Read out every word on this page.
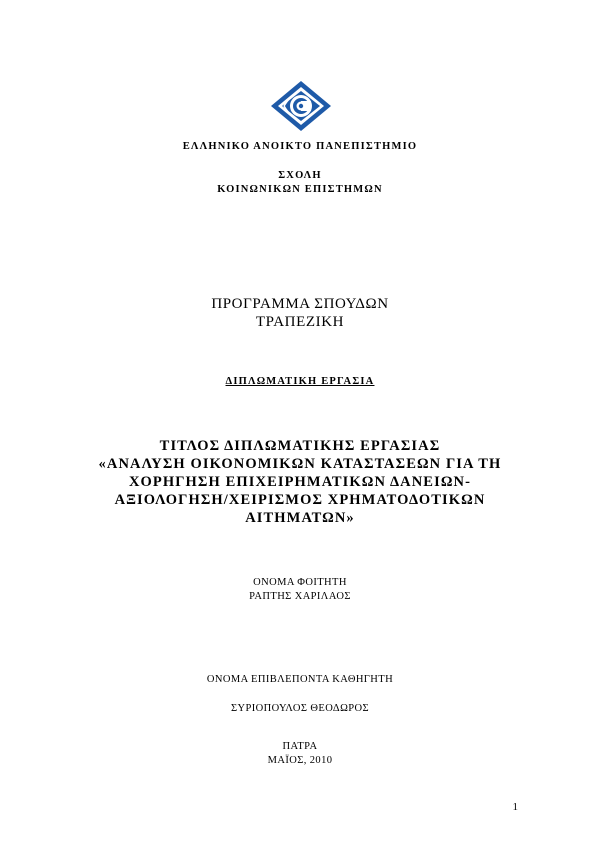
ΕΛΛΗΝΙΚΟ ΑΝΟΙΚΤΟ ΠΑΝΕΠΙΣΤΗΜΙΟ
ΣΧΟΛΗ
ΚΟΙΝΩΝΙΚΩΝ ΕΠΙΣΤΗΜΩΝ
ΠΡΟΓΡΑΜΜΑ ΣΠΟΥΔΩΝ
ΤΡΑΠΕΖΙΚΗ
ΔΙΠΛΩΜΑΤΙΚΗ ΕΡΓΑΣΙΑ
ΤΙΤΛΟΣ ΔΙΠΛΩΜΑΤΙΚΗΣ ΕΡΓΑΣΙΑΣ
«ΑΝΑΛΥΣΗ ΟΙΚΟΝΟΜΙΚΩΝ ΚΑΤΑΣΤΑΣΕΩΝ ΓΙΑ ΤΗ
ΧΟΡΗΓΗΣΗ ΕΠΙΧΕΙΡΗΜΑΤΙΚΩΝ ΔΑΝΕΙΩΝ-
ΑΞΙΟΛΟΓΗΣΗ/ΧΕΙΡΙΣΜΟΣ ΧΡΗΜΑΤΟΔΟΤΙΚΩΝ
ΑΙΤΗΜΑΤΩΝ»
ΟΝΟΜΑ ΦΟΙΤΗΤΗ
ΡΑΠΤΗΣ ΧΑΡΙΛΑΟΣ
ΟΝΟΜΑ ΕΠΙΒΛΕΠΟΝΤΑ ΚΑΘΗΓΗΤΗ
ΣΥΡΙΟΠΟΥΛΟΣ ΘΕΟΔΩΡΟΣ
ΠΑΤΡΑ
ΜΑΪΟΣ, 2010
1
